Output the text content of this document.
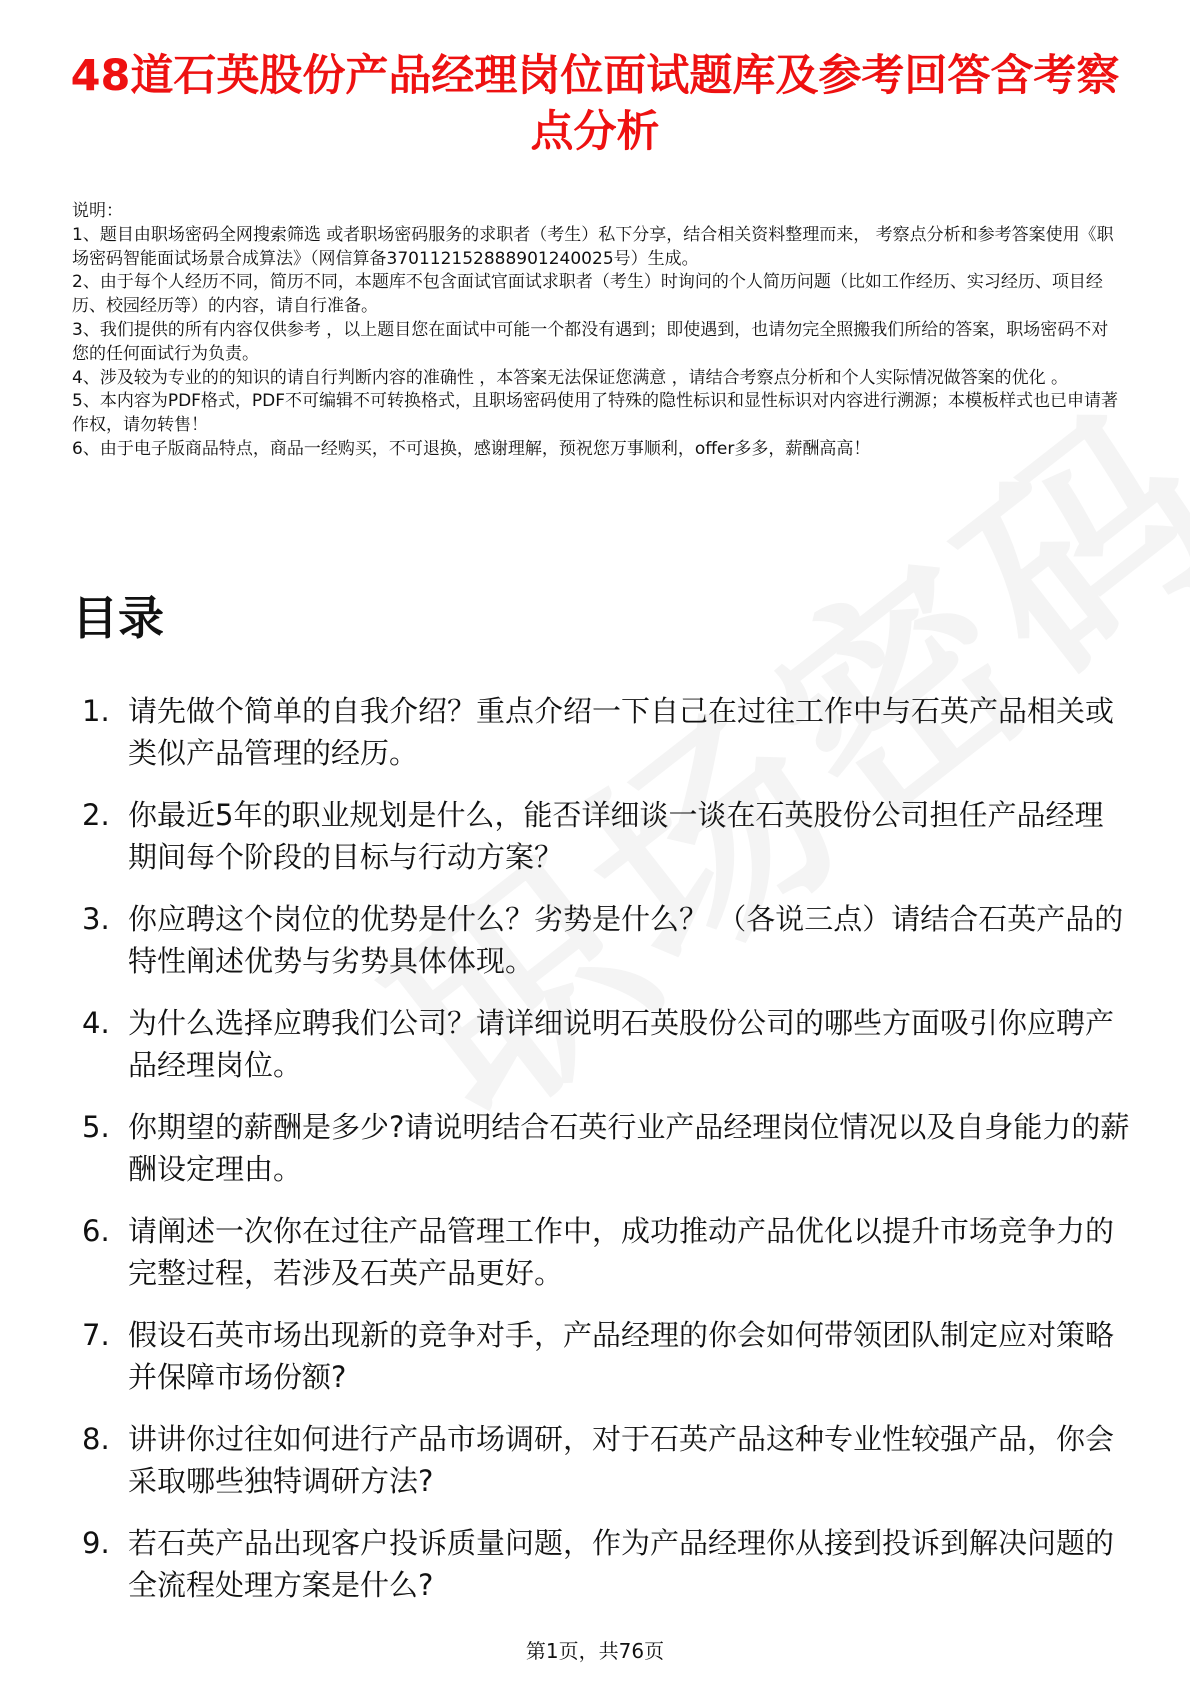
48道石英股份产品经理岗位面试题库及参考回答含考察点分析

说明：

1、题目由职场密码全网搜索筛选 或者职场密码服务的求职者（考生）私下分享，结合相关资料整理而来， 考察点分析和参考答案使用《职场密码智能面试场景合成算法》（网信算备370112152888901240025号）生成。

2、由于每个人经历不同，简历不同，本题库不包含面试官面试求职者（考生）时询问的个人简历问题（比如工作经历、实习经历、项目经历、校园经历等）的内容，请自行准备。

3、我们提供的所有内容仅供参考 ，以上题目您在面试中可能一个都没有遇到；即使遇到，也请勿完全照搬我们所给的答案，职场密码不对您的任何面试行为负责。

4、涉及较为专业的的知识的请自行判断内容的准确性 ，本答案无法保证您满意 ，请结合考察点分析和个人实际情况做答案的优化 。

5、本内容为PDF格式，PDF不可编辑不可转换格式，且职场密码使用了特殊的隐性标识和显性标识对内容进行溯源；本模板样式也已申请著作权，请勿转售！

6、由于电子版商品特点，商品一经购买，不可退换，感谢理解，预祝您万事顺利，offer多多，薪酬高高！

目录
1. 请先做个简单的自我介绍？重点介绍一下自己在过往工作中与石英产品相关或类似产品管理的经历。
2. 你最近5年的职业规划是什么，能否详细谈一谈在石英股份公司担任产品经理期间每个阶段的目标与行动方案？
3. 你应聘这个岗位的优势是什么？劣势是什么？ （各说三点）请结合石英产品的特性阐述优势与劣势具体体现。
4. 为什么选择应聘我们公司？请详细说明石英股份公司的哪些方面吸引你应聘产品经理岗位。
5. 你期望的薪酬是多少?请说明结合石英行业产品经理岗位情况以及自身能力的薪酬设定理由。
6. 请阐述一次你在过往产品管理工作中，成功推动产品优化以提升市场竞争力的完整过程，若涉及石英产品更好。
7. 假设石英市场出现新的竞争对手，产品经理的你会如何带领团队制定应对策略并保障市场份额?
8. 讲讲你过往如何进行产品市场调研，对于石英产品这种专业性较强产品，你会采取哪些独特调研方法?
9. 若石英产品出现客户投诉质量问题，作为产品经理你从接到投诉到解决问题的全流程处理方案是什么?
第1页，共76页
